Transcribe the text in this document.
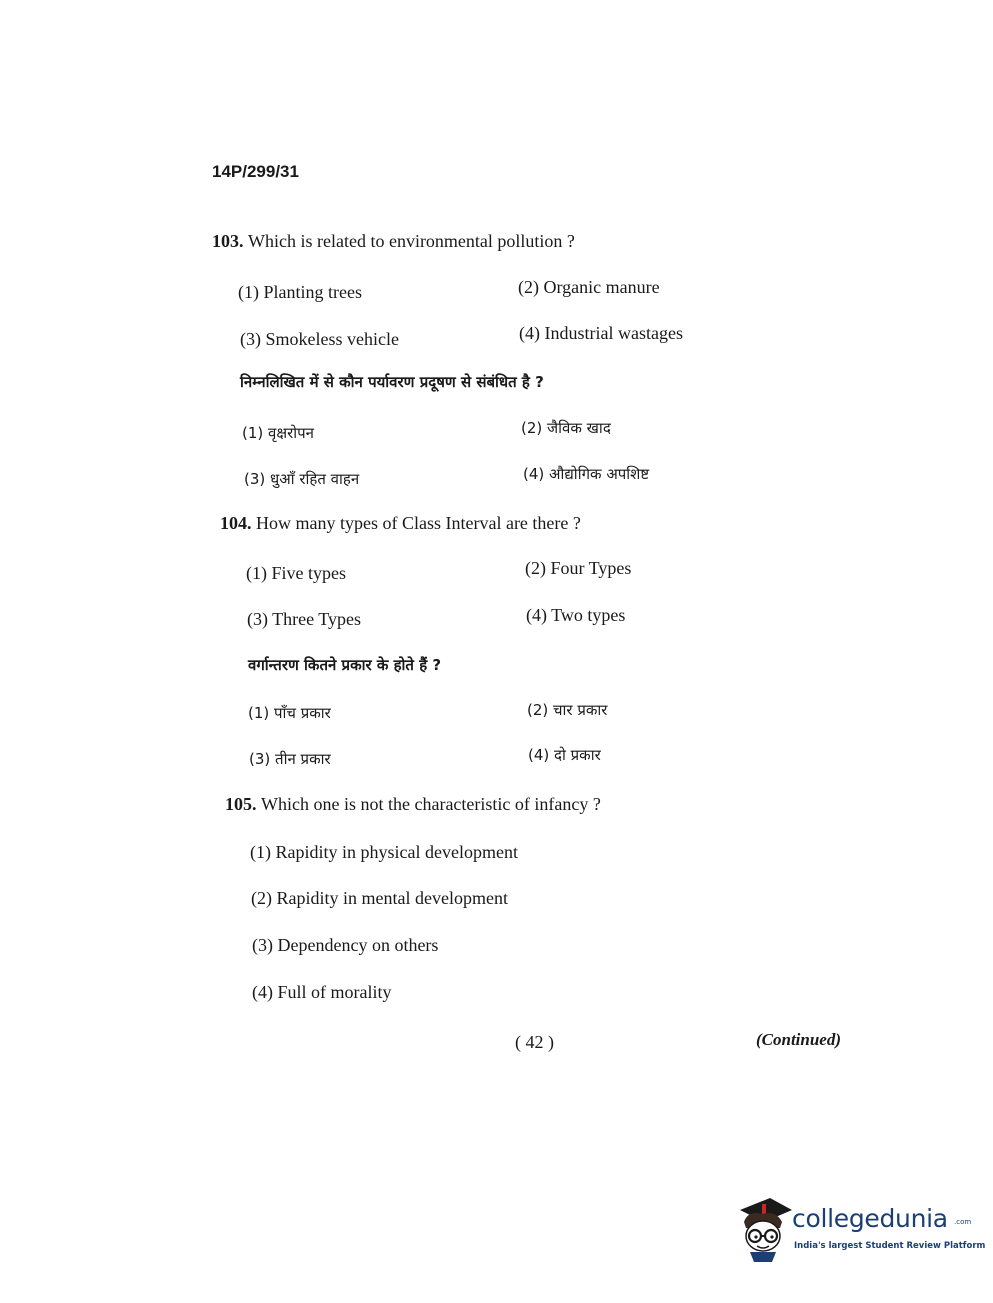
14P/299/31
103. Which is related to environmental pollution ?
(1) Planting trees	(2) Organic manure
(3) Smokeless vehicle	(4) Industrial wastages
निम्नलिखित में से कौन पर्यावरण प्रदूषण से संबंधित है ?
(1) वृक्षरोपन	(2) जैविक खाद
(3) धुआँ रहित वाहन	(4) औद्योगिक अपशिष्ट
104. How many types of Class Interval are there ?
(1) Five types	(2) Four Types
(3) Three Types	(4) Two types
वर्गान्तरण कितने प्रकार के होते हैं ?
(1) पाँच प्रकार	(2) चार प्रकार
(3) तीन प्रकार	(4) दो प्रकार
105. Which one is not the characteristic of infancy ?
(1) Rapidity in physical development
(2) Rapidity in mental development
(3) Dependency on others
(4) Full of morality
( 42 )	(Continued)
collegedunia .com
India's largest Student Review Platform
